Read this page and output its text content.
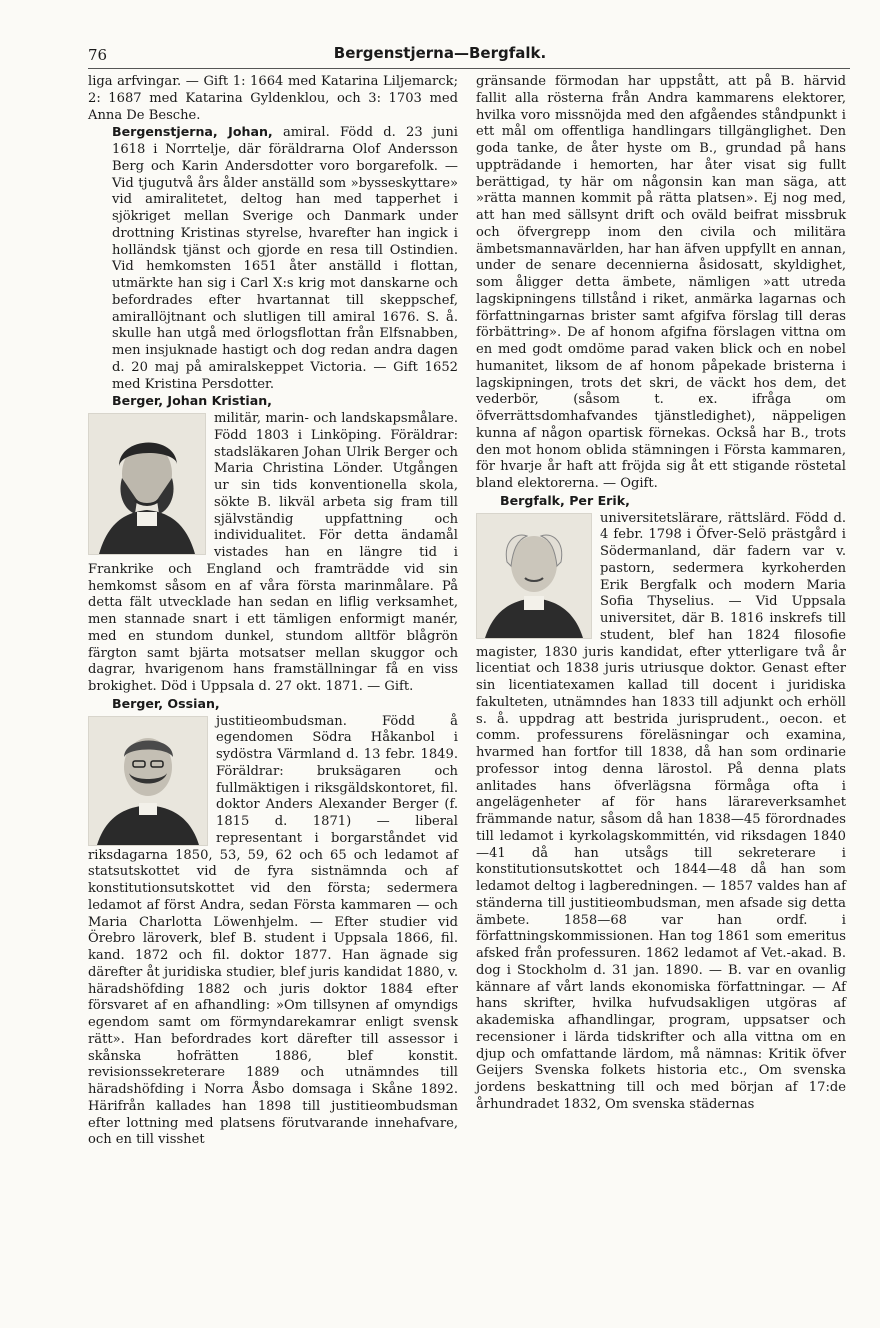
76	Bergenstjerna—Bergfalk.

liga arfvingar. — Gift 1: 1664 med Katarina Liljemarck; 2: 1687 med Katarina Gyldenklou, och 3: 1703 med Anna De Besche.

Bergenstjerna, Johan, amiral. Född d. 23 juni 1618 i Norrtelje, där föräldrarna Olof Andersson Berg och Karin Andersdotter voro borgarefolk. — Vid tjugutvå års ålder anställd som »bysseskyttare» vid amiralitetet, deltog han med tapperhet i sjökriget mellan Sverige och Danmark under drottning Kristinas styrelse, hvarefter han ingick i holländsk tjänst och gjorde en resa till Ostindien. Vid hemkomsten 1651 åter anställd i flottan, utmärkte han sig i Carl X:s krig mot danskarne och befordrades efter hvartannat till skeppschef, amirallöjtnant och slutligen till amiral 1676. S. å. skulle han utgå med örlogsflottan från Elfsnabben, men insjuknade hastigt och dog redan andra dagen d. 20 maj på amiralskeppet Victoria. — Gift 1652 med Kristina Persdotter.

Berger, Johan Kristian,

militär, marin- och landskapsmålare. Född 1803 i Linköping. Föräldrar: stadsläkaren Johan Ulrik Berger och Maria Christina Lönder. Utgången ur sin tids konventionella skola, sökte B. likväl arbeta sig fram till självständig uppfattning och individualitet. För detta ändamål vistades han en längre tid i Frankrike och England och framträdde vid sin hemkomst såsom en af våra första marinmålare. På detta fält utvecklade han sedan en liflig verksamhet, men stannade snart i ett tämligen enformigt manér, med en stundom dunkel, stundom alltför blågrön färgton samt bjärta motsatser mellan skuggor och dagrar, hvarigenom hans framställningar få en viss brokighet. Död i Uppsala d. 27 okt. 1871. — Gift.

Berger, Ossian,

justitieombudsman. Född å egendomen Södra Håkanbol i sydöstra Värmland d. 13 febr. 1849. Föräldrar: bruksägaren och fullmäktigen i riksgäldskontoret, fil. doktor Anders Alexander Berger (f. 1815 d. 1871) — liberal representant i borgarståndet vid riksdagarna 1850, 53, 59, 62 och 65 och ledamot af statsutskottet vid de fyra sistnämnda och af konstitutionsutskottet vid den första; sedermera ledamot af först Andra, sedan Första kammaren — och Maria Charlotta Löwenhjelm. — Efter studier vid Örebro läroverk, blef B. student i Uppsala 1866, fil. kand. 1872 och fil. doktor 1877. Han ägnade sig därefter åt juridiska studier, blef juris kandidat 1880, v. häradshöfding 1882 och juris doktor 1884 efter försvaret af en afhandling: »Om tillsynen af omyndigs egendom samt om förmyndarekamrar enligt svensk rätt». Han befordrades kort därefter till assessor i skånska hofrätten 1886, blef konstit. revisionssekreterare 1889 och utnämndes till häradshöfding i Norra Åsbo domsaga i Skåne 1892. Härifrån kallades han 1898 till justitieombudsman efter lottning med platsens förutvarande innehafvare, och en till visshet

gränsande förmodan har uppstått, att på B. härvid fallit alla rösterna från Andra kammarens elektorer, hvilka voro missnöjda med den afgåendes ståndpunkt i ett mål om offentliga handlingars tillgänglighet. Den goda tanke, de åter hyste om B., grundad på hans uppträdande i hemorten, har åter visat sig fullt berättigad, ty här om någonsin kan man säga, att »rätta mannen kommit på rätta platsen». Ej nog med, att han med sällsynt drift och oväld beifrat missbruk och öfvergrepp inom den civila och militära ämbetsmannavärlden, har han äfven uppfyllt en annan, under de senare decennierna åsidosatt, skyldighet, som åligger detta ämbete, nämligen »att utreda lagskipningens tillstånd i riket, anmärka lagarnas och författningarnas brister samt afgifva förslag till deras förbättring». De af honom afgifna förslagen vittna om en med godt omdöme parad vaken blick och en nobel humanitet, liksom de af honom påpekade bristerna i lagskipningen, trots det skri, de väckt hos dem, det vederbör, (såsom t. ex. ifråga om öfverrättsdomhafvandes tjänstledighet), näppeligen kunna af någon opartisk förnekas. Också har B., trots den mot honom oblida stämningen i Första kammaren, för hvarje år haft att fröjda sig åt ett stigande röstetal bland elektorerna. — Ogift.

Bergfalk, Per Erik,

universitetslärare, rättslärd. Född d. 4 febr. 1798 i Öfver-Selö prästgård i Södermanland, där fadern var v. pastorn, sedermera kyrkoherden Erik Bergfalk och modern Maria Sofia Thyselius. — Vid Uppsala universitet, där B. 1816 inskrefs till student, blef han 1824 filosofie magister, 1830 juris kandidat, efter ytterligare två år licentiat och 1838 juris utriusque doktor. Genast efter sin licentiatexamen kallad till docent i juridiska fakulteten, utnämndes han 1833 till adjunkt och erhöll s. å. uppdrag att bestrida jurisprudent., oecon. et comm. professurens föreläsningar och examina, hvarmed han fortfor till 1838, då han som ordinarie professor intog denna lärostol. På denna plats anlitades hans öfverlägsna förmåga ofta i angelägenheter af för hans lärareverksamhet främmande natur, såsom då han 1838—45 förordnades till ledamot i kyrkolagskommittén, vid riksdagen 1840—41 då han utsågs till sekreterare i konstitutionsutskottet och 1844—48 då han som ledamot deltog i lagberedningen. — 1857 valdes han af ständerna till justitieombudsman, men afsade sig detta ämbete. 1858—68 var han ordf. i författningskommissionen. Han tog 1861 som emeritus afsked från professuren. 1862 ledamot af Vet.-akad. B. dog i Stockholm d. 31 jan. 1890. — B. var en ovanlig kännare af vårt lands ekonomiska författningar. — Af hans skrifter, hvilka hufvudsakligen utgöras af akademiska afhandlingar, program, uppsatser och recensioner i lärda tidskrifter och alla vittna om en djup och omfattande lärdom, må nämnas: Kritik öfver Geijers Svenska folkets historia etc., Om svenska jordens beskattning till och med början af 17:de århundradet 1832, Om svenska städernas
